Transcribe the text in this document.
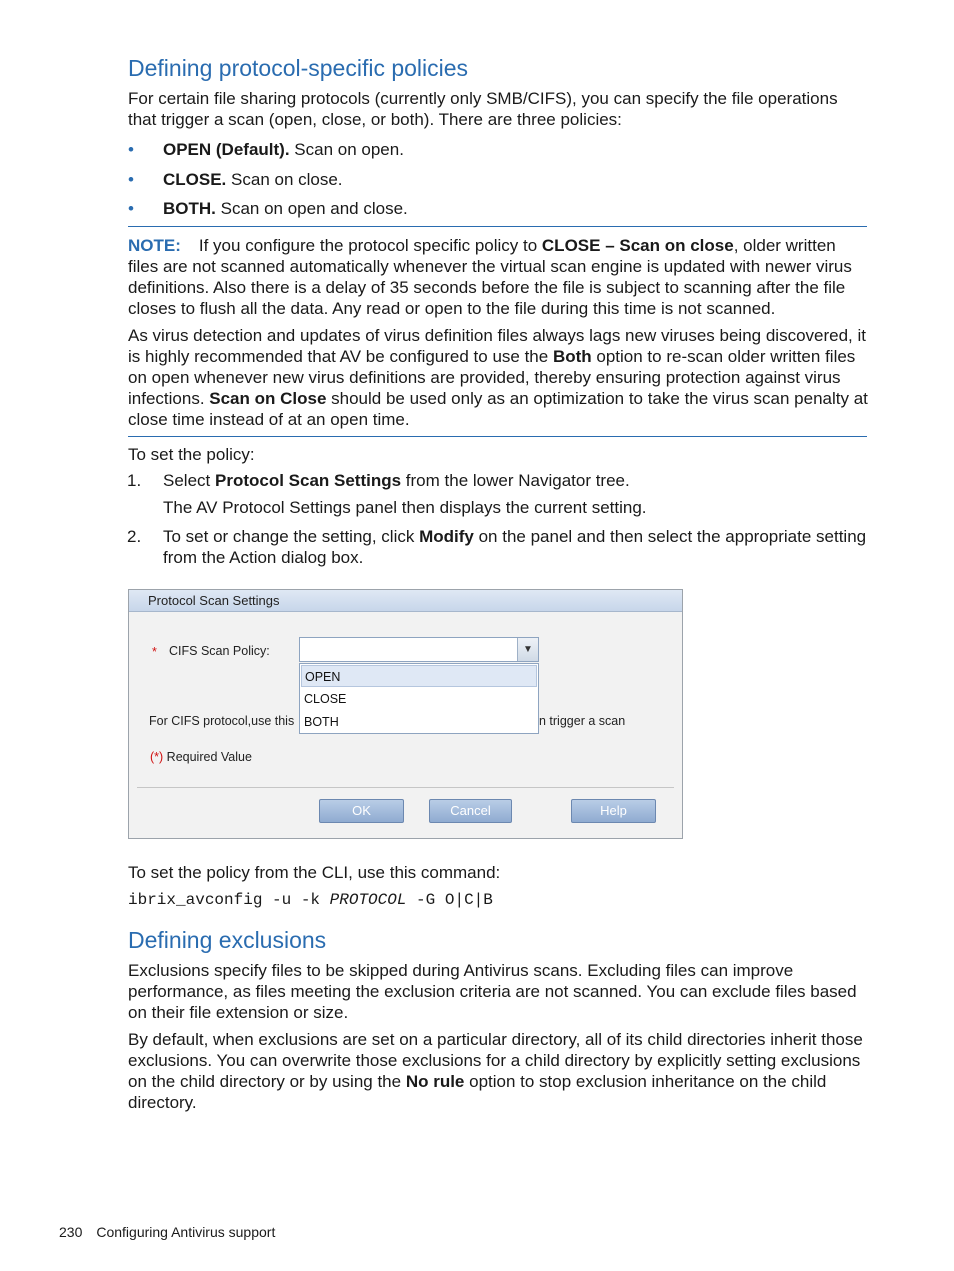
Defining protocol-specific policies
For certain file sharing protocols (currently only SMB/CIFS), you can specify the file operations that trigger a scan (open, close, or both). There are three policies:
• OPEN (Default). Scan on open.
• CLOSE. Scan on close.
• BOTH. Scan on open and close.
NOTE: If you configure the protocol specific policy to CLOSE – Scan on close, older written files are not scanned automatically whenever the virtual scan engine is updated with newer virus definitions. Also there is a delay of 35 seconds before the file is subject to scanning after the file closes to flush all the data. Any read or open to the file during this time is not scanned.
As virus detection and updates of virus definition files always lags new viruses being discovered, it is highly recommended that AV be configured to use the Both option to re-scan older written files on open whenever new virus definitions are provided, thereby ensuring protection against virus infections. Scan on Close should be used only as an optimization to take the virus scan penalty at close time instead of at an open time.
To set the policy:
1. Select Protocol Scan Settings from the lower Navigator tree.
The AV Protocol Settings panel then displays the current setting.
2. To set or change the setting, click Modify on the panel and then select the appropriate setting from the Action dialog box.
Protocol Scan Settings
* CIFS Scan Policy:	▼
For CIFS protocol,use this	n trigger a scan
OPEN
CLOSE
BOTH
(*) Required Value
OK	Cancel	Help
To set the policy from the CLI, use this command:
ibrix_avconfig -u -k PROTOCOL -G O|C|B
Defining exclusions
Exclusions specify files to be skipped during Antivirus scans. Excluding files can improve performance, as files meeting the exclusion criteria are not scanned. You can exclude files based on their file extension or size.
By default, when exclusions are set on a particular directory, all of its child directories inherit those exclusions. You can overwrite those exclusions for a child directory by explicitly setting exclusions on the child directory or by using the No rule option to stop exclusion inheritance on the child directory.
230 Configuring Antivirus support
